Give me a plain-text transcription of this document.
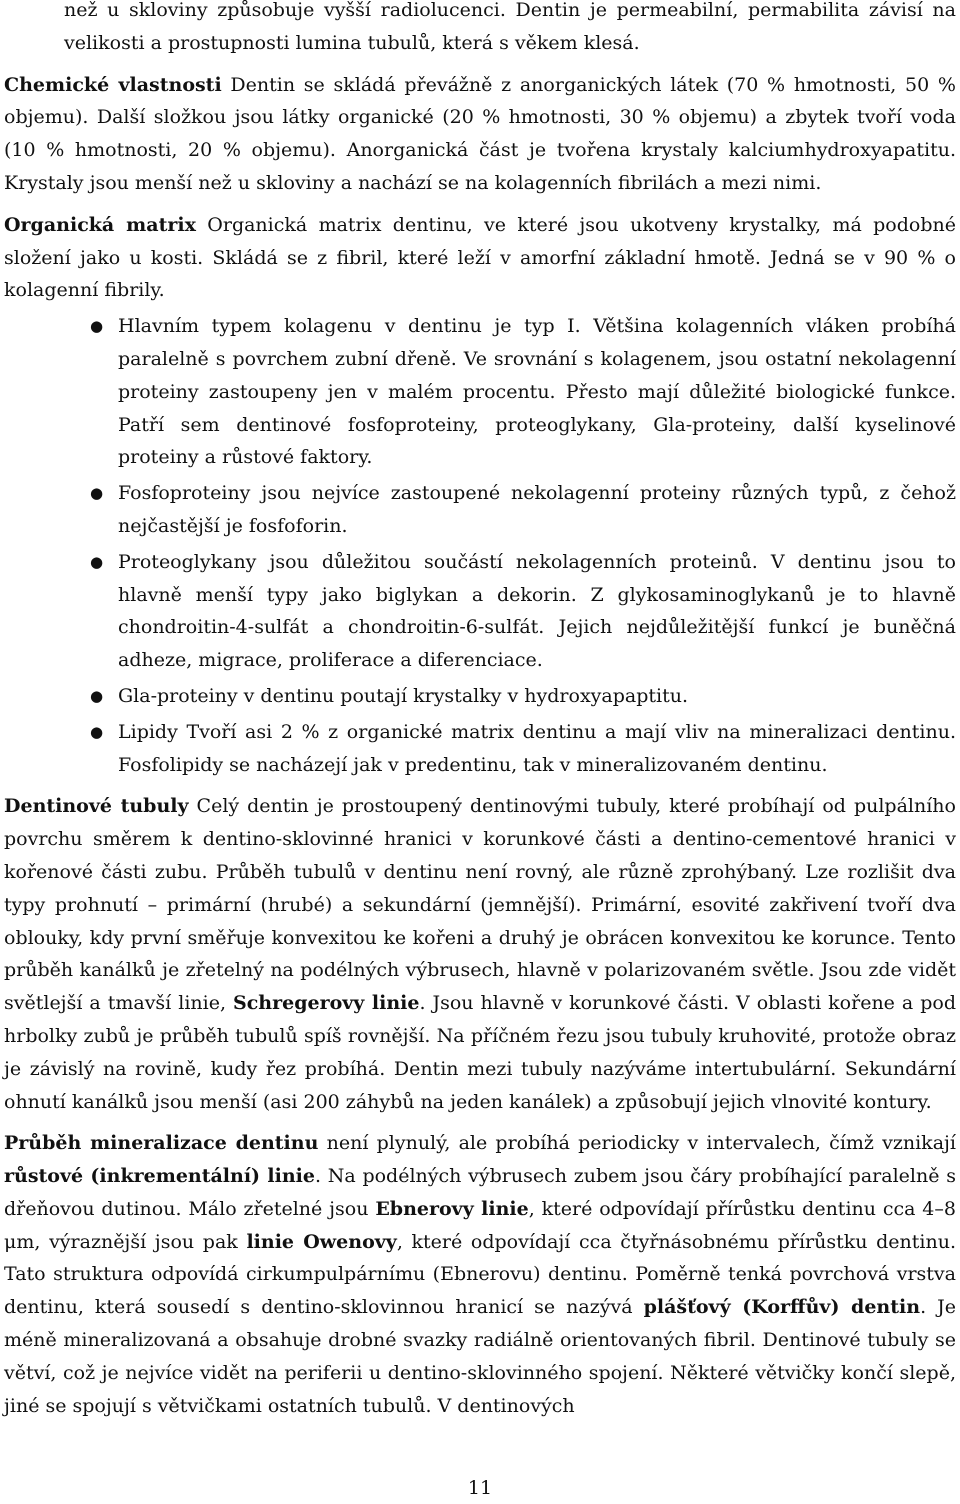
než u skloviny způsobuje vyšší radiolucenci. Dentin je permeabilní, permabilita závisí na velikosti a prostupnosti lumina tubulů, která s věkem klesá.

Chemické vlastnosti Dentin se skládá převážně z anorganických látek (70 % hmotnosti, 50 % objemu). Další složkou jsou látky organické (20 % hmotnosti, 30 % objemu) a zbytek tvoří voda (10 % hmotnosti, 20 % objemu). Anorganická část je tvořena krystaly kalciumhydroxyapatitu. Krystaly jsou menší než u skloviny a nachází se na kolagenních fibrilách a mezi nimi.

Organická matrix Organická matrix dentinu, ve které jsou ukotveny krystalky, má podobné složení jako u kosti. Skládá se z fibril, které leží v amorfní základní hmotě. Jedná se v 90 % o kolagenní fibrily.

● Hlavním typem kolagenu v dentinu je typ I. Většina kolagenních vláken probíhá paralelně s povrchem zubní dřeně. Ve srovnání s kolagenem, jsou ostatní nekolagenní proteiny zastoupeny jen v malém procentu. Přesto mají důležité biologické funkce. Patří sem dentinové fosfoproteiny, proteoglykany, Gla-proteiny, další kyselinové proteiny a růstové faktory.
● Fosfoproteiny jsou nejvíce zastoupené nekolagenní proteiny různých typů, z čehož nejčastější je fosfoforin.
● Proteoglykany jsou důležitou součástí nekolagenních proteinů. V dentinu jsou to hlavně menší typy jako biglykan a dekorin. Z glykosaminoglykanů je to hlavně chondroitin-4-sulfát a chondroitin-6-sulfát. Jejich nejdůležitější funkcí je buněčná adheze, migrace, proliferace a diferenciace.
● Gla-proteiny v dentinu poutají krystalky v hydroxyapaptitu.
● Lipidy Tvoří asi 2 % z organické matrix dentinu a mají vliv na mineralizaci dentinu. Fosfolipidy se nacházejí jak v predentinu, tak v mineralizovaném dentinu.

Dentinové tubuly Celý dentin je prostoupený dentinovými tubuly, které probíhají od pulpálního povrchu směrem k dentino-sklovinné hranici v korunkové části a dentino-cementové hranici v kořenové části zubu. Průběh tubulů v dentinu není rovný, ale různě zprohýbaný. Lze rozlišit dva typy prohnutí – primární (hrubé) a sekundární (jemnější). Primární, esovité zakřivení tvoří dva oblouky, kdy první směřuje konvexitou ke kořeni a druhý je obrácen konvexitou ke korunce. Tento průběh kanálků je zřetelný na podélných výbrusech, hlavně v polarizovaném světle. Jsou zde vidět světlejší a tmavší linie, Schregerovy linie. Jsou hlavně v korunkové části. V oblasti kořene a pod hrbolky zubů je průběh tubulů spíš rovnější. Na příčném řezu jsou tubuly kruhovité, protože obraz je závislý na rovině, kudy řez probíhá. Dentin mezi tubuly nazýváme intertubulární. Sekundární ohnutí kanálků jsou menší (asi 200 záhybů na jeden kanálek) a způsobují jejich vlnovité kontury.

Průběh mineralizace dentinu není plynulý, ale probíhá periodicky v intervalech, čímž vznikají růstové (inkrementální) linie. Na podélných výbrusech zubem jsou čáry probíhající paralelně s dřeňovou dutinou. Málo zřetelné jsou Ebnerovy linie, které odpovídají přírůstku dentinu cca 4–8 μm, výraznější jsou pak linie Owenovy, které odpovídají cca čtyřnásobnému přírůstku dentinu. Tato struktura odpovídá cirkumpulpárnímu (Ebnerovu) dentinu. Poměrně tenká povrchová vrstva dentinu, která sousedí s dentino-sklovinnou hranicí se nazývá plášťový (Korffův) dentin. Je méně mineralizovaná a obsahuje drobné svazky radiálně orientovaných fibril. Dentinové tubuly se větví, což je nejvíce vidět na periferii u dentino-sklovinného spojení. Některé větvičky končí slepě, jiné se spojují s větvičkami ostatních tubulů. V dentinových

11
